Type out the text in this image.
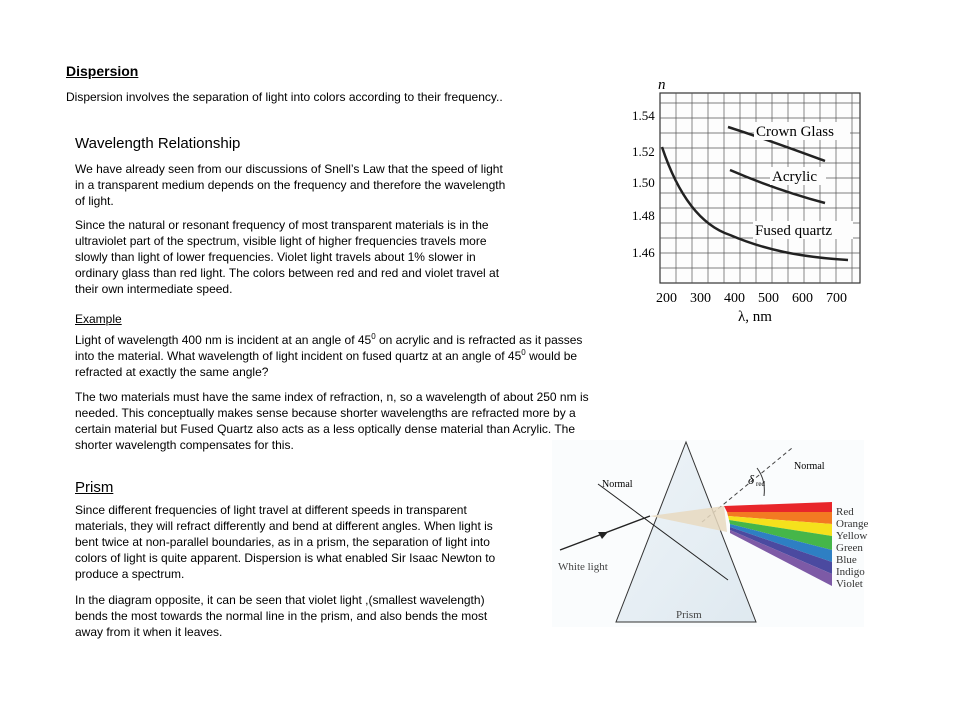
Dispersion
Dispersion involves the separation of light into colors according to their frequency..
Wavelength Relationship

We have already seen from our discussions of Snell’s Law that the speed of light in a transparent medium depends on the frequency and therefore the wavelength of light.

Since the natural or resonant frequency of most transparent materials is in the ultraviolet part of the spectrum, visible light of higher frequencies travels more slowly than light of lower frequencies. Violet light travels about 1% slower in ordinary glass than red light. The colors between red and red and violet travel at their own intermediate speed.

Example

Light of wavelength 400 nm is incident at an angle of $45^0$ on acrylic and is refracted as it passes into the material. What wavelength of light incident on fused quartz at an angle of $45^0$ would be refracted at exactly the same angle?

The two materials must have the same index of refraction, n, so a wavelength of about 250 nm is needed. This conceptually makes sense because shorter wavelengths are refracted more by a certain material but Fused Quartz also acts as a less optically dense material than Acrylic. The shorter wavelength compensates for this.

Prism

Since different frequencies of light travel at different speeds in transparent materials, they will refract differently and bend at different angles. When light is bent twice at non-parallel boundaries, as in a prism, the separation of light into colors of light is quite apparent. Dispersion is what enabled Sir Isaac Newton to produce a spectrum.

In the diagram opposite, it can be seen that violet light ,(smallest wavelength) bends the most towards the normal line in the prism, and also bends the most away from it when it leaves.

Crown Glass
Acrylic
Fused quartz
n
1.54
1.52
1.50
1.48
1.46
200 300 400 500 600 700
λ, nm
Normal
Normal
δ red
White light
Prism
Red
Orange
Yellow
Green
Blue
Indigo
Violet
